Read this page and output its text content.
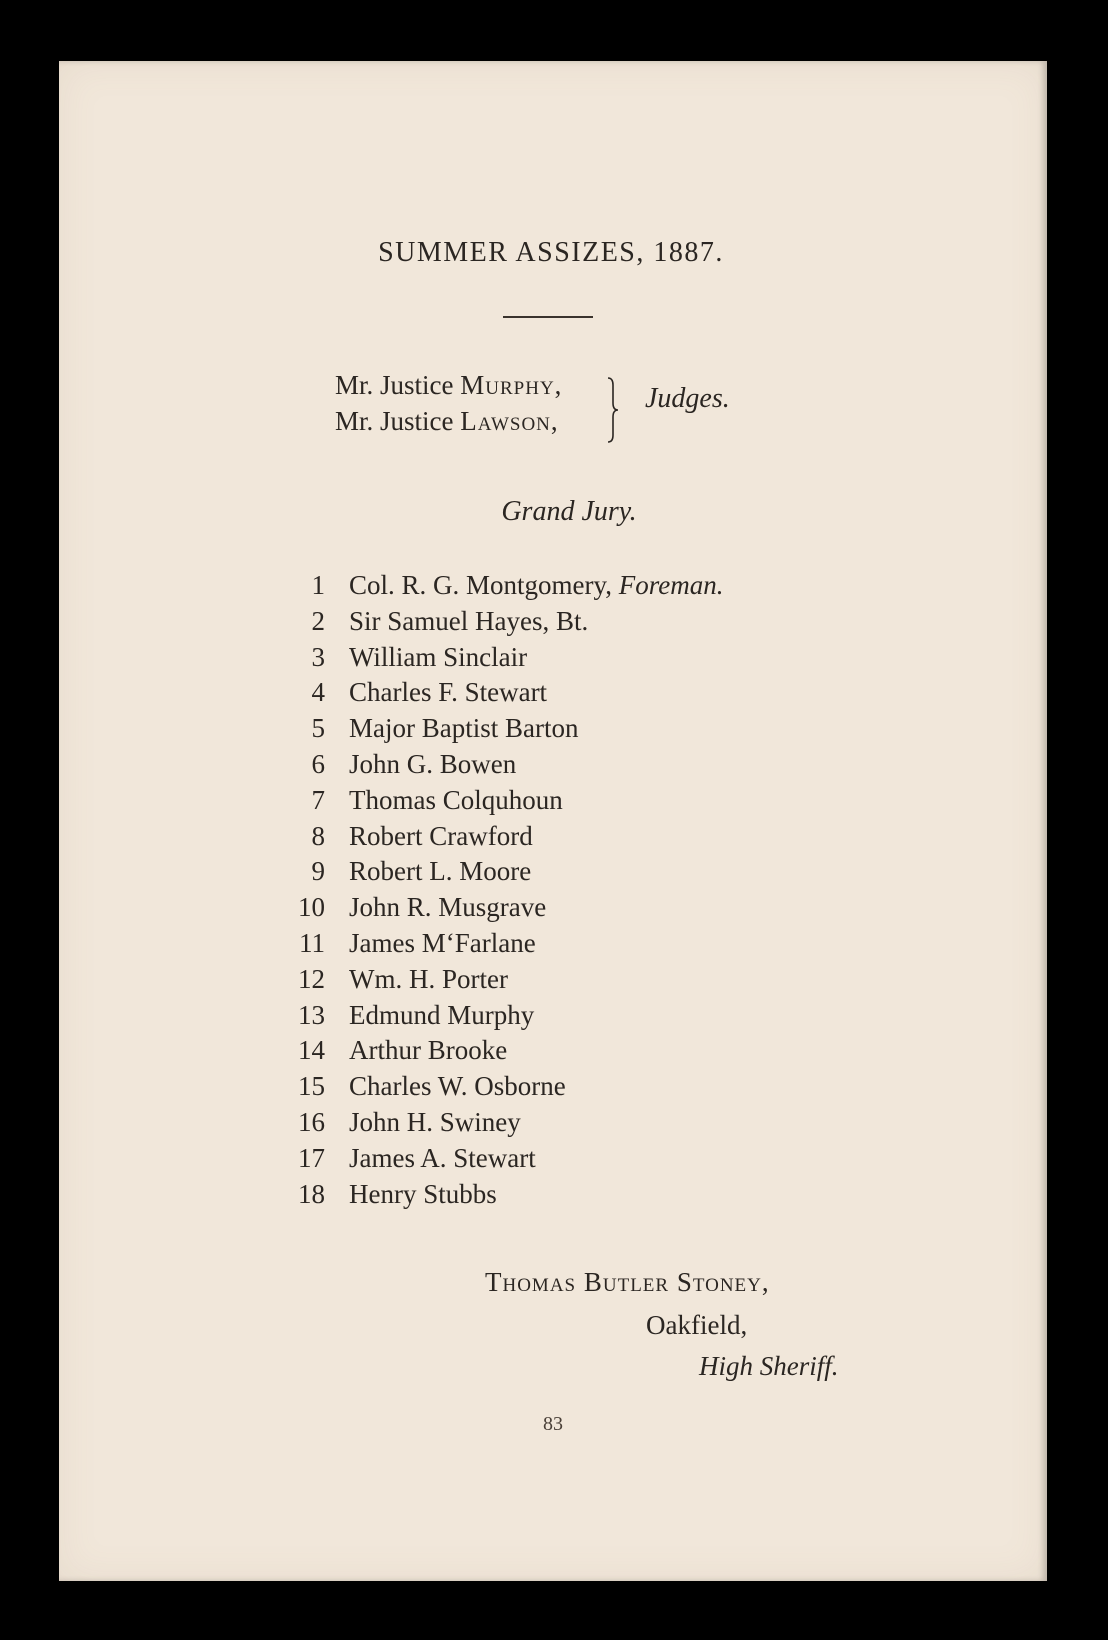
SUMMER ASSIZES, 1887.
Mr. Justice Murphy,
Mr. Justice Lawson,
Judges.
Grand Jury.
1 Col. R. G. Montgomery, Foreman.
2 Sir Samuel Hayes, Bt.
3 William Sinclair
4 Charles F. Stewart
5 Major Baptist Barton
6 John G. Bowen
7 Thomas Colquhoun
8 Robert Crawford
9 Robert L. Moore
10 John R. Musgrave
11 James M‘Farlane
12 Wm. H. Porter
13 Edmund Murphy
14 Arthur Brooke
15 Charles W. Osborne
16 John H. Swiney
17 James A. Stewart
18 Henry Stubbs
Thomas Butler Stoney,
Oakfield,
High Sheriff.
83
